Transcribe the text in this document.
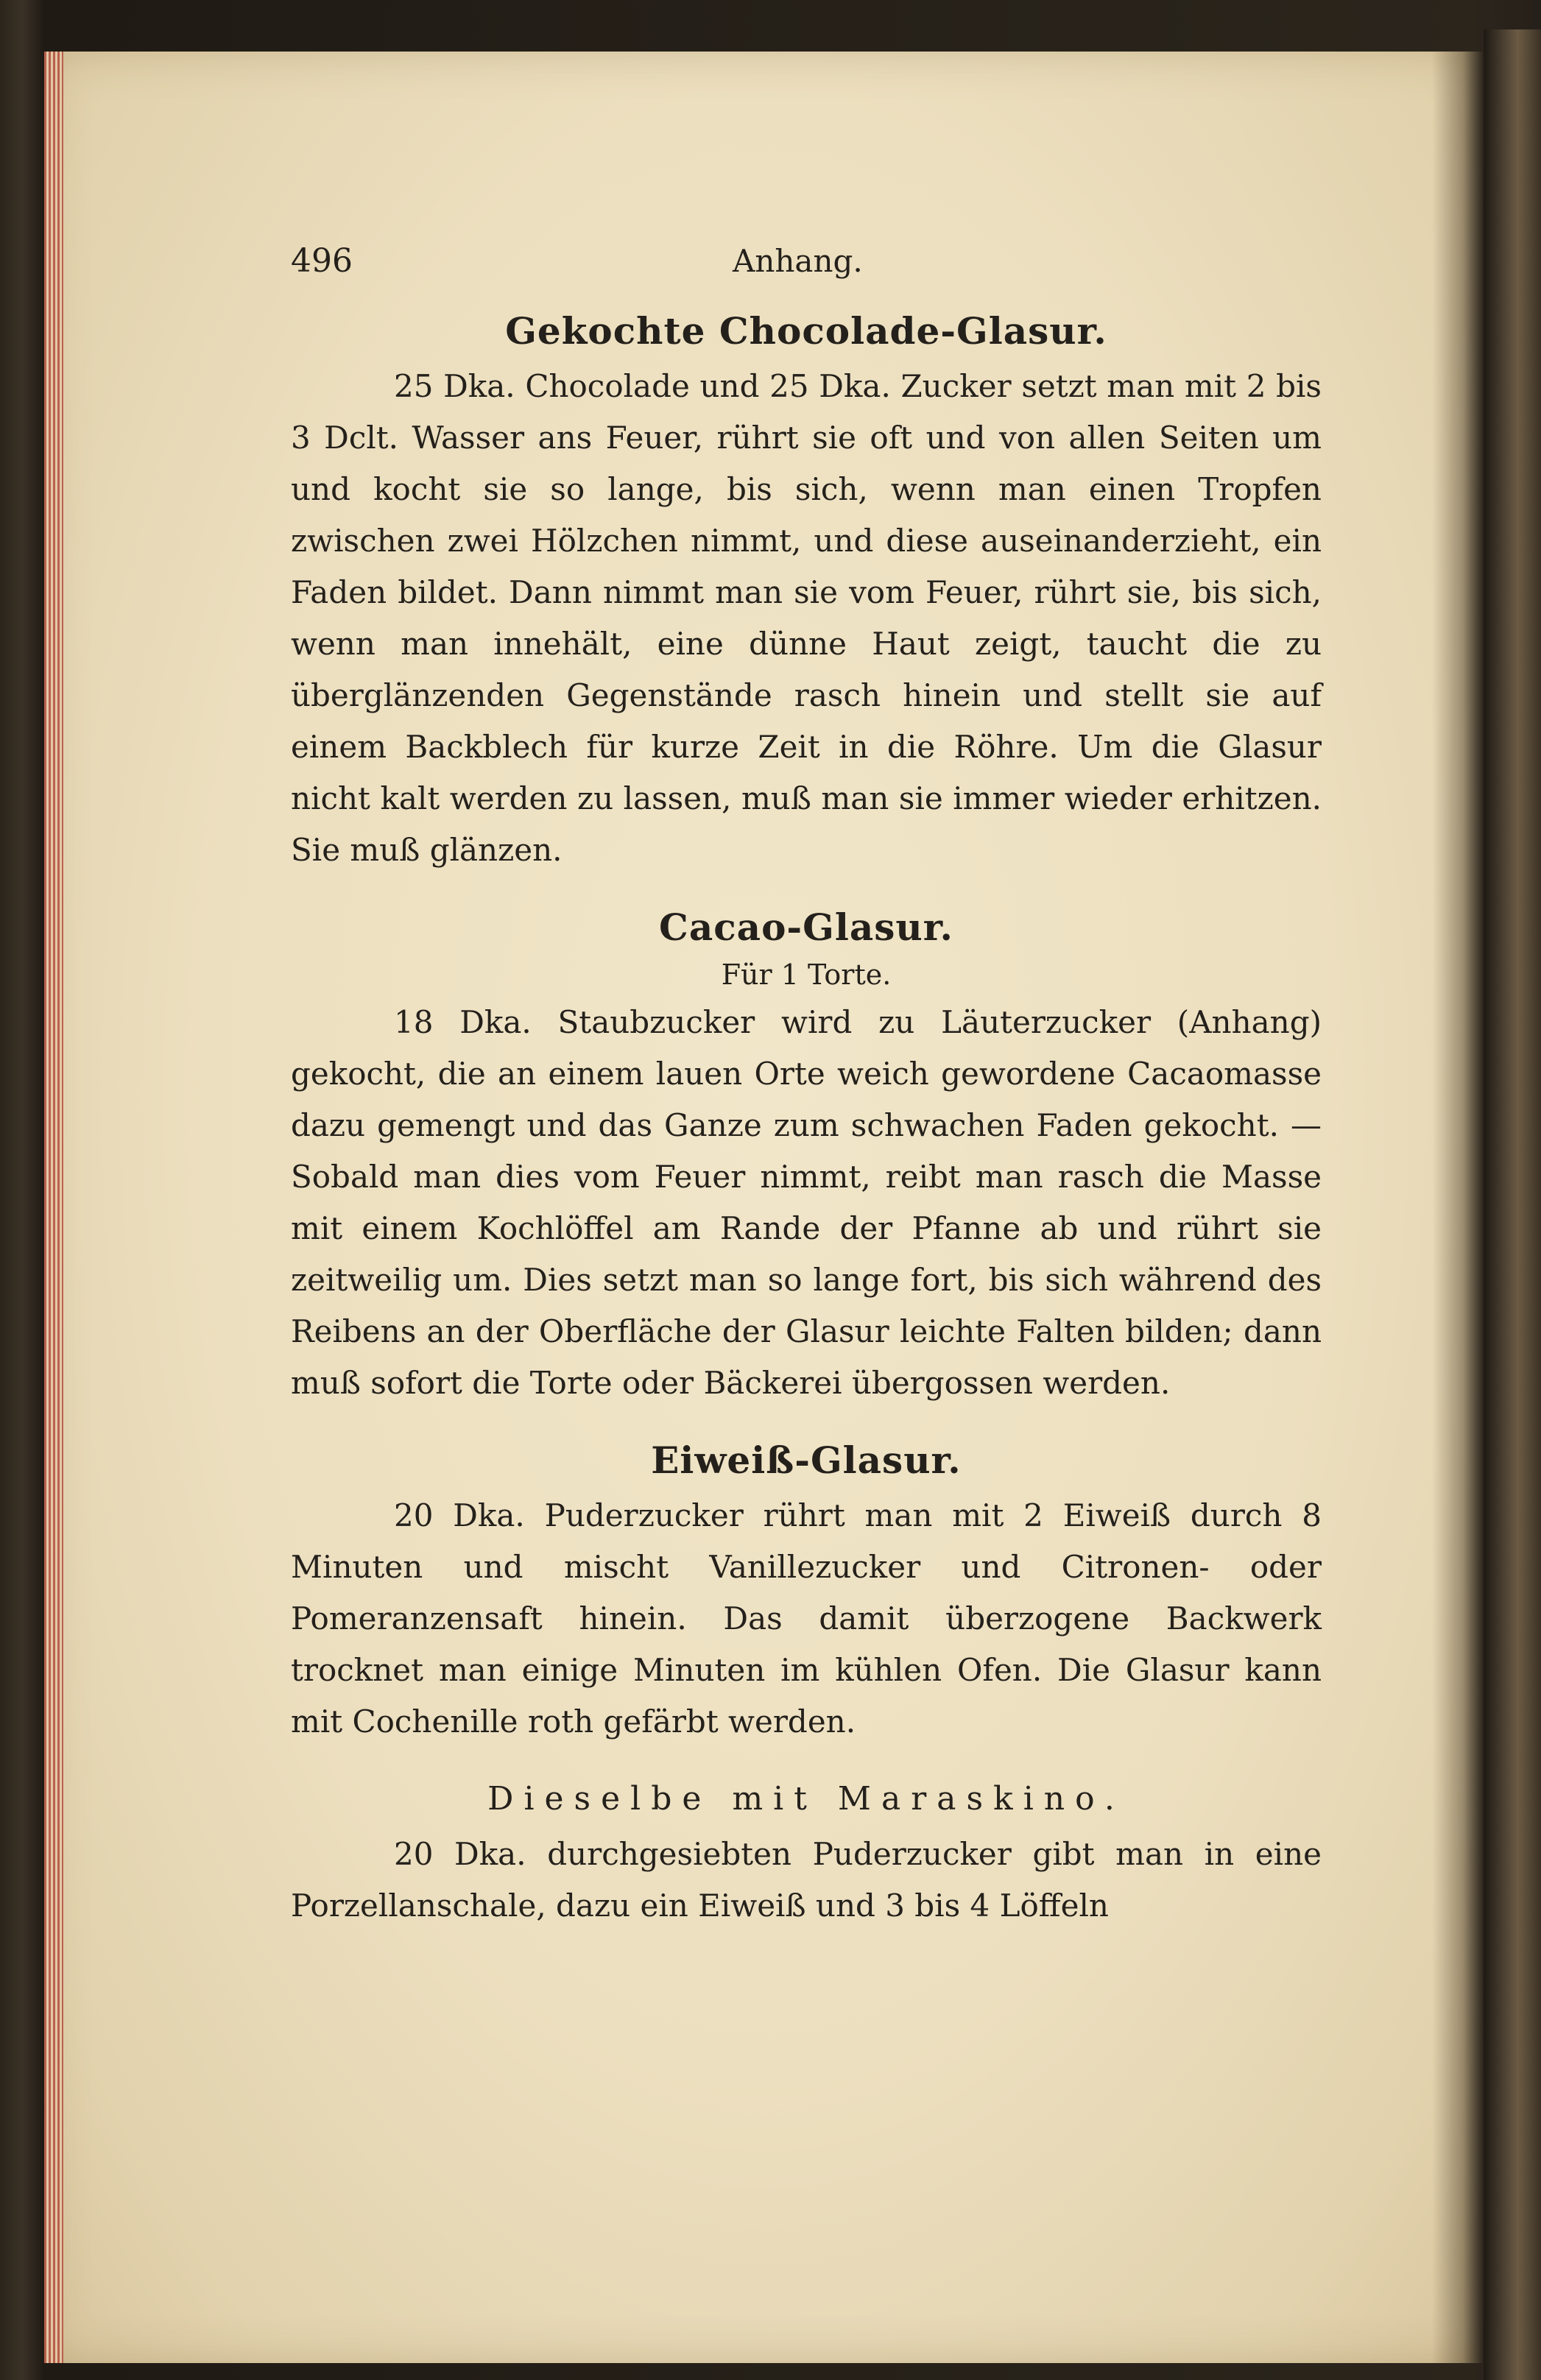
496	Anhang.
Gekochte Chocolade-Glasur.

25 Dka. Chocolade und 25 Dka. Zucker setzt man mit 2 bis 3 Dclt. Wasser ans Feuer, rührt sie oft und von allen Seiten um und kocht sie so lange, bis sich, wenn man einen Tropfen zwischen zwei Hölzchen nimmt, und diese auseinanderzieht, ein Faden bildet. Dann nimmt man sie vom Feuer, rührt sie, bis sich, wenn man innehält, eine dünne Haut zeigt, taucht die zu überglänzenden Gegenstände rasch hinein und stellt sie auf einem Backblech für kurze Zeit in die Röhre. Um die Glasur nicht kalt werden zu lassen, muß man sie immer wieder erhitzen. Sie muß glänzen.

Cacao-Glasur.
Für 1 Torte.

18 Dka. Staubzucker wird zu Läuterzucker (Anhang) gekocht, die an einem lauen Orte weich gewordene Cacaomasse dazu gemengt und das Ganze zum schwachen Faden gekocht. — Sobald man dies vom Feuer nimmt, reibt man rasch die Masse mit einem Kochlöffel am Rande der Pfanne ab und rührt sie zeitweilig um. Dies setzt man so lange fort, bis sich während des Reibens an der Oberfläche der Glasur leichte Falten bilden; dann muß sofort die Torte oder Bäckerei übergossen werden.

Eiweiß-Glasur.

20 Dka. Puderzucker rührt man mit 2 Eiweiß durch 8 Minuten und mischt Vanillezucker und Citronen- oder Pomeranzensaft hinein. Das damit überzogene Backwerk trocknet man einige Minuten im kühlen Ofen. Die Glasur kann mit Cochenille roth gefärbt werden.

Dieselbe mit Maraskino.

20 Dka. durchgesiebten Puderzucker gibt man in eine Porzellanschale, dazu ein Eiweiß und 3 bis 4 Löffeln
